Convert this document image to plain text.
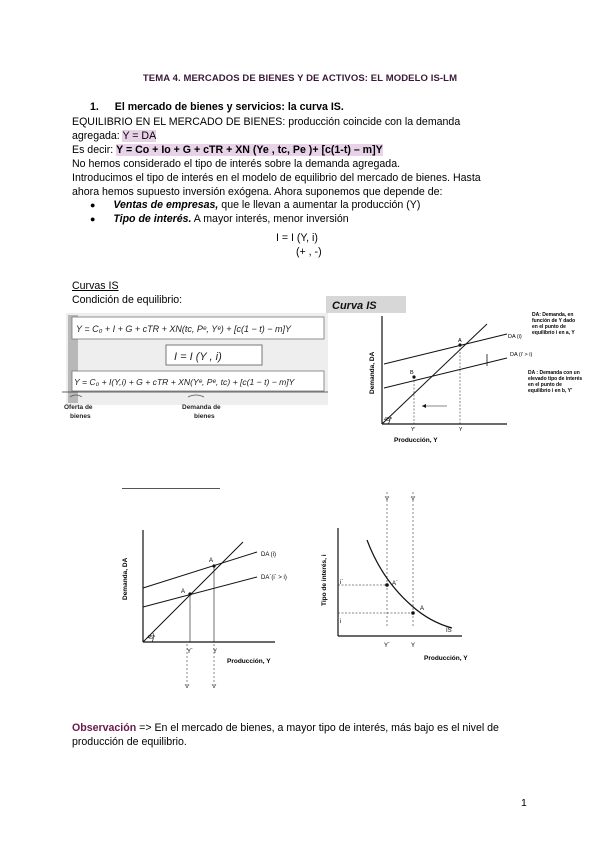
TEMA 4. MERCADOS DE BIENES Y DE ACTIVOS: EL MODELO IS-LM
1. El mercado de bienes y servicios: la curva IS.
EQUILIBRIO EN EL MERCADO DE BIENES: producción coincide con la demanda
agregada: Y = DA
Es decir: Y = Co + Io + G + cTR + XN (Ye , tc, Pe )+ [c(1-t) – m]Y
No hemos considerado el tipo de interés sobre la demanda agregada.
Introducimos el tipo de interés en el modelo de equilibrio del mercado de bienes. Hasta
ahora hemos supuesto inversión exógena. Ahora suponemos que depende de:
● Ventas de empresas, que le llevan a aumentar la producción (Y)
● Tipo de interés. A mayor interés, menor inversión
I = I (Y, i)
(+ , -)
Curvas IS
Condición de equilibrio:
Y = C₀ + I + G + cTR + XN(tc, Pᵉ, Yᵉ) + [c(1 − t) − m]Y
I = I (Y , i)
Y = C₀ + I(Y,i) + G + cTR + XN(Yᵉ, Pᵉ, tc) + [c(1 − t) − m]Y
Oferta de
bienes
Demanda de
bienes
Curva IS
Demanda, DA
45°
DA (i)
DA (i' > i)
A
B
Y'	Y
Producción, Y
DA: Demanda, en
función de Y dado
en el punto de
equilibrio i en a, Y
DA : Demanda con un
elevado tipo de interés
en el punto de
equilibrio i en b, Y'
Demanda, DA
45°
DA (i)
DA´(i´ > i)
A
A
Y´	Y
Producción, Y
Tipo de interés, i
IS
A´
A
i´
i
Y´	Y
Producción, Y
Observación => En el mercado de bienes, a mayor tipo de interés, más bajo es el nivel de
producción de equilibrio.
1
